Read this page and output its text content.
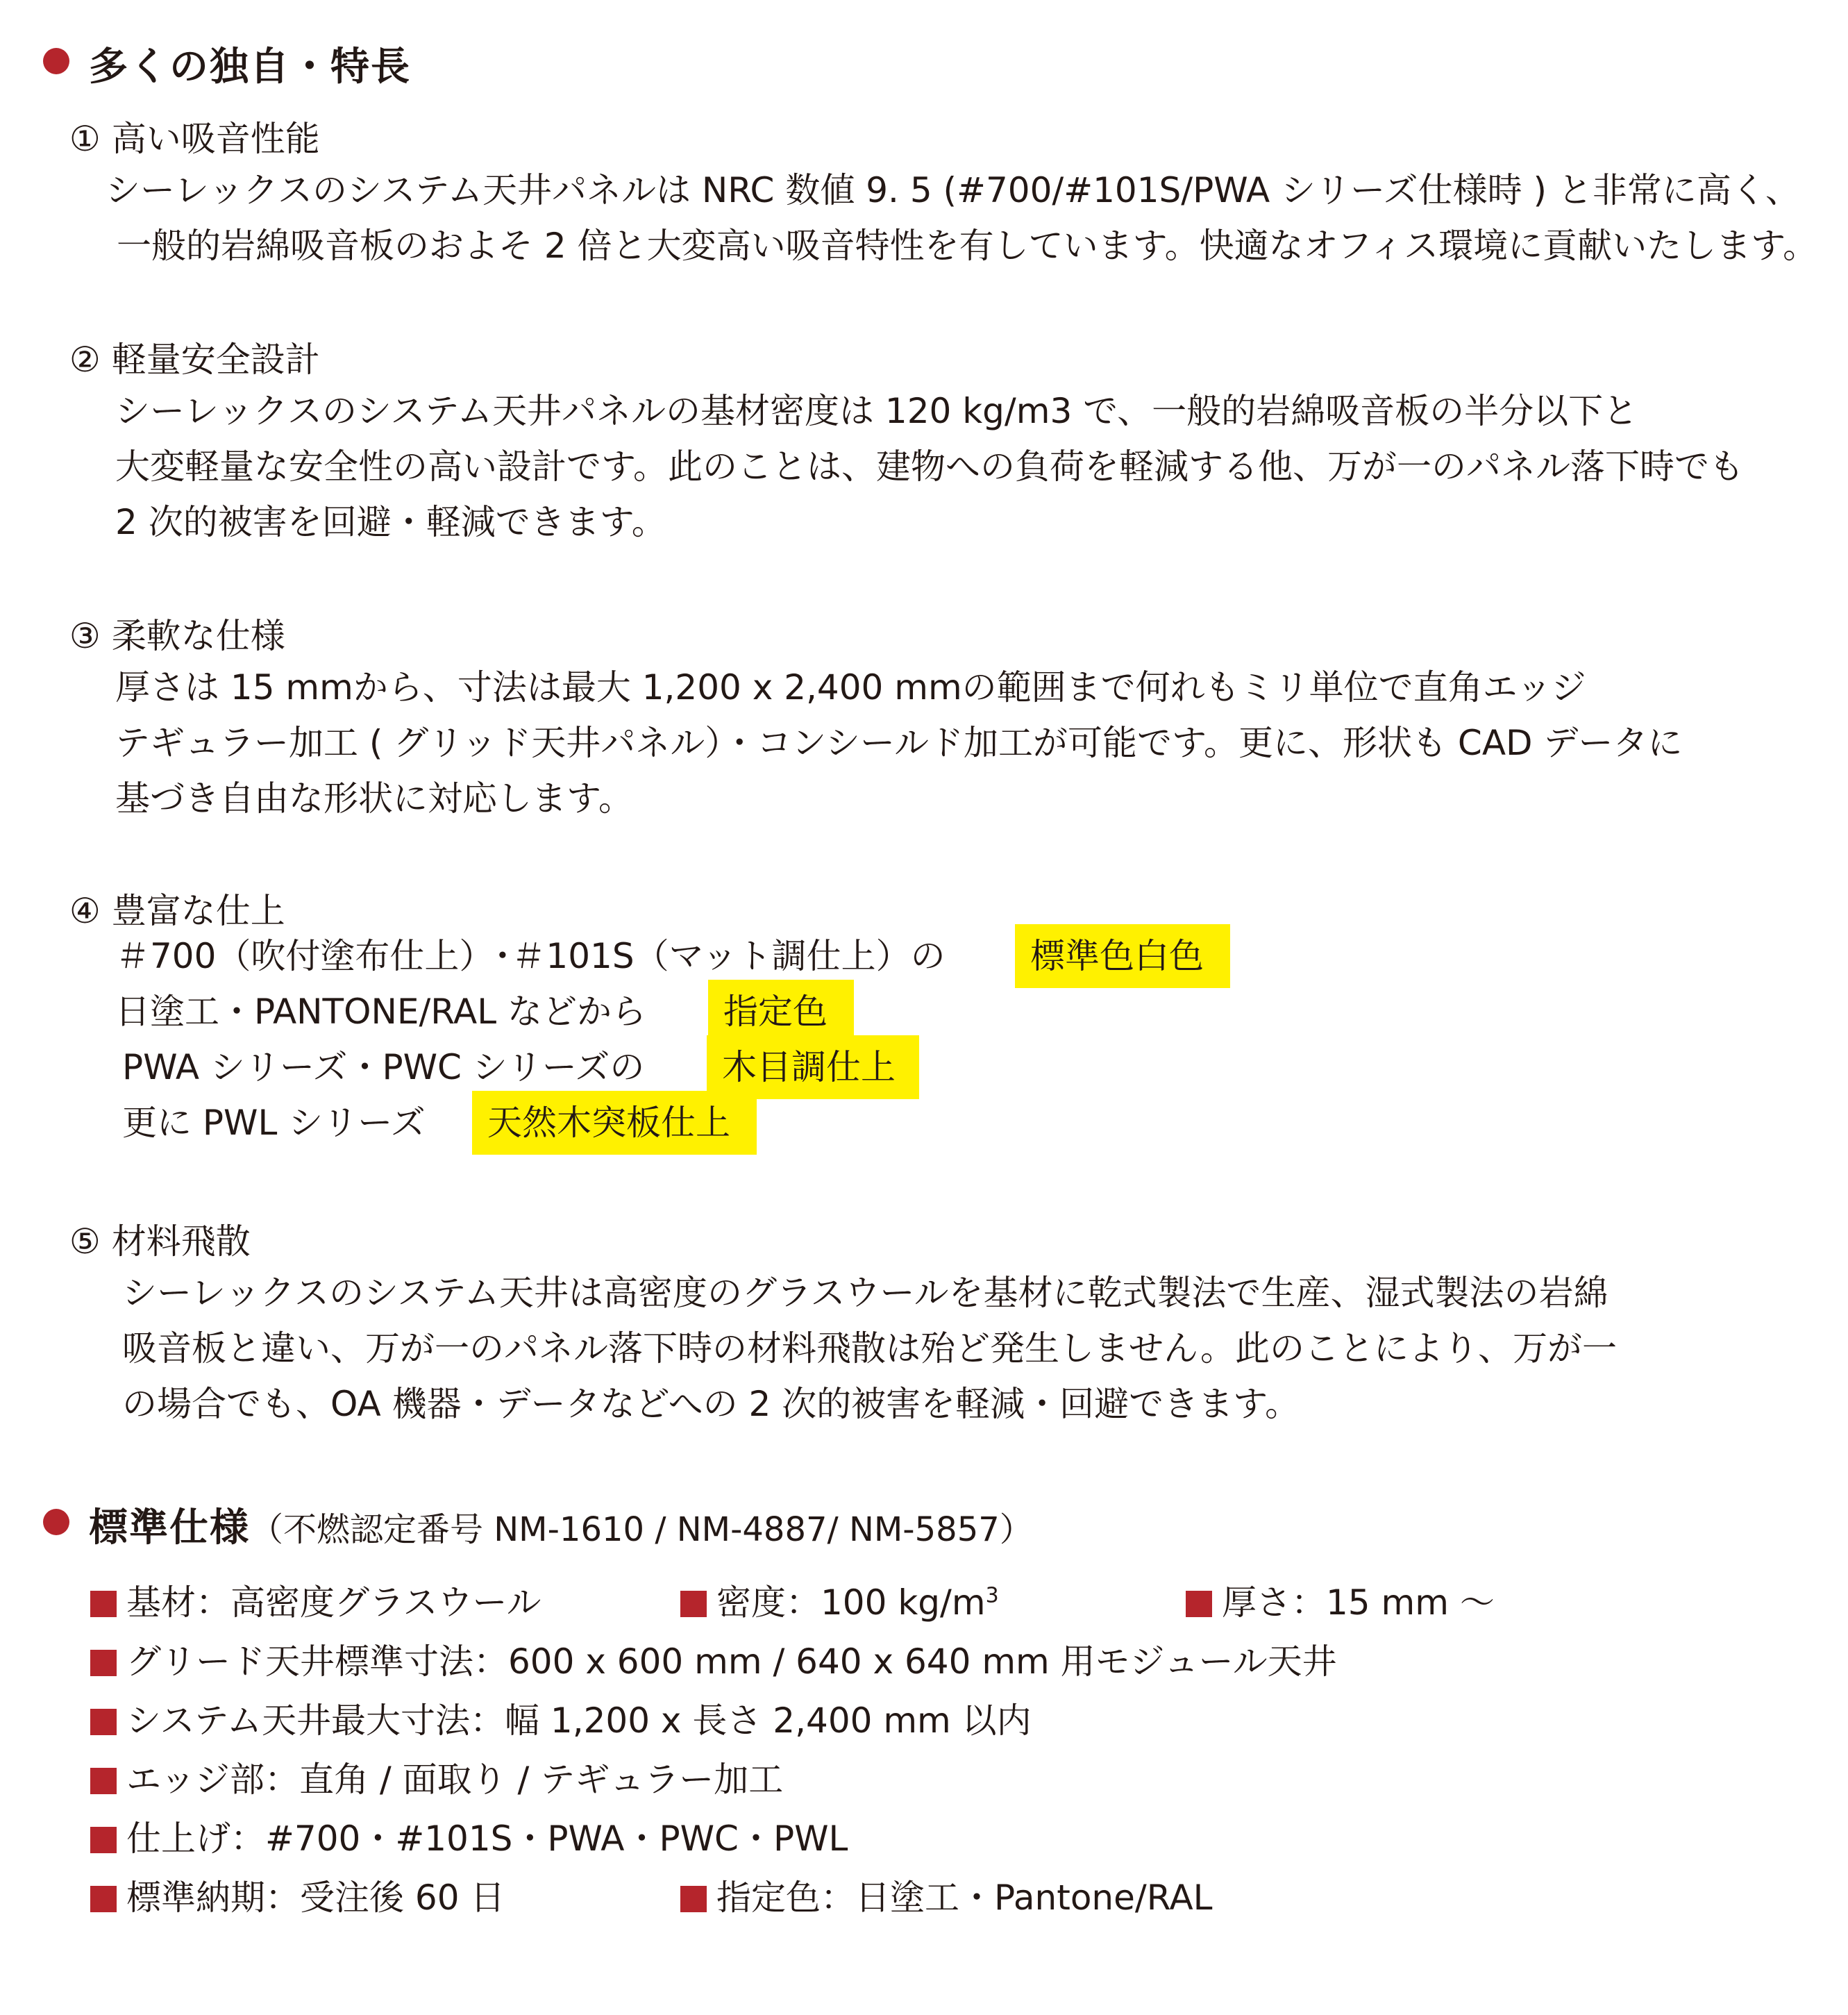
多くの独自・特長
① 高い吸音性能
シーレックスのシステム天井パネルは NRC 数値 9. 5 (#700/#101S/PWA シリーズ仕様時 ) と非常に高く、
一般的岩綿吸音板のおよそ 2 倍と大変高い吸音特性を有しています。快適なオフィス環境に貢献いたします。
② 軽量安全設計
シーレックスのシステム天井パネルの基材密度は 120 kg/m3 で、一般的岩綿吸音板の半分以下と
大変軽量な安全性の高い設計です。此のことは、建物への負荷を軽減する他、万が一のパネル落下時でも
2 次的被害を回避・軽減できます。
③ 柔軟な仕様
厚さは 15 mmから、寸法は最大 1,200 x 2,400 mmの範囲まで何れもミリ単位で直角エッジ
テギュラー加工 ( グリッド天井パネル）・コンシールド加工が可能です。更に、形状も CAD データに
基づき自由な形状に対応します。
④ 豊富な仕上
＃700（吹付塗布仕上）･＃101S（マット調仕上）の	標準色白色
日塗工・PANTONE/RAL などから	指定色
PWA シリーズ・PWC シリーズの	木目調仕上
更に PWL シリーズ	天然木突板仕上
⑤ 材料飛散
シーレックスのシステム天井は高密度のグラスウールを基材に乾式製法で生産、湿式製法の岩綿
吸音板と違い、万が一のパネル落下時の材料飛散は殆ど発生しません。此のことにより、万が一
の場合でも、OA 機器・データなどへの 2 次的被害を軽減・回避できます。
標準仕様（不燃認定番号 NM-1610 / NM-4887/ NM-5857）
基材：高密度グラスウール	密度：100 $kg/m^3$	厚さ：15 mm 〜
グリード天井標準寸法：600 x 600 mm / 640 x 640 mm 用モジュール天井
システム天井最大寸法：幅 1,200 x 長さ 2,400 mm 以内
エッジ部：直角 / 面取り / テギュラー加工
仕上げ：#700・#101S・PWA・PWC・PWL
標準納期：受注後 60 日	指定色：日塗工・Pantone/RAL
